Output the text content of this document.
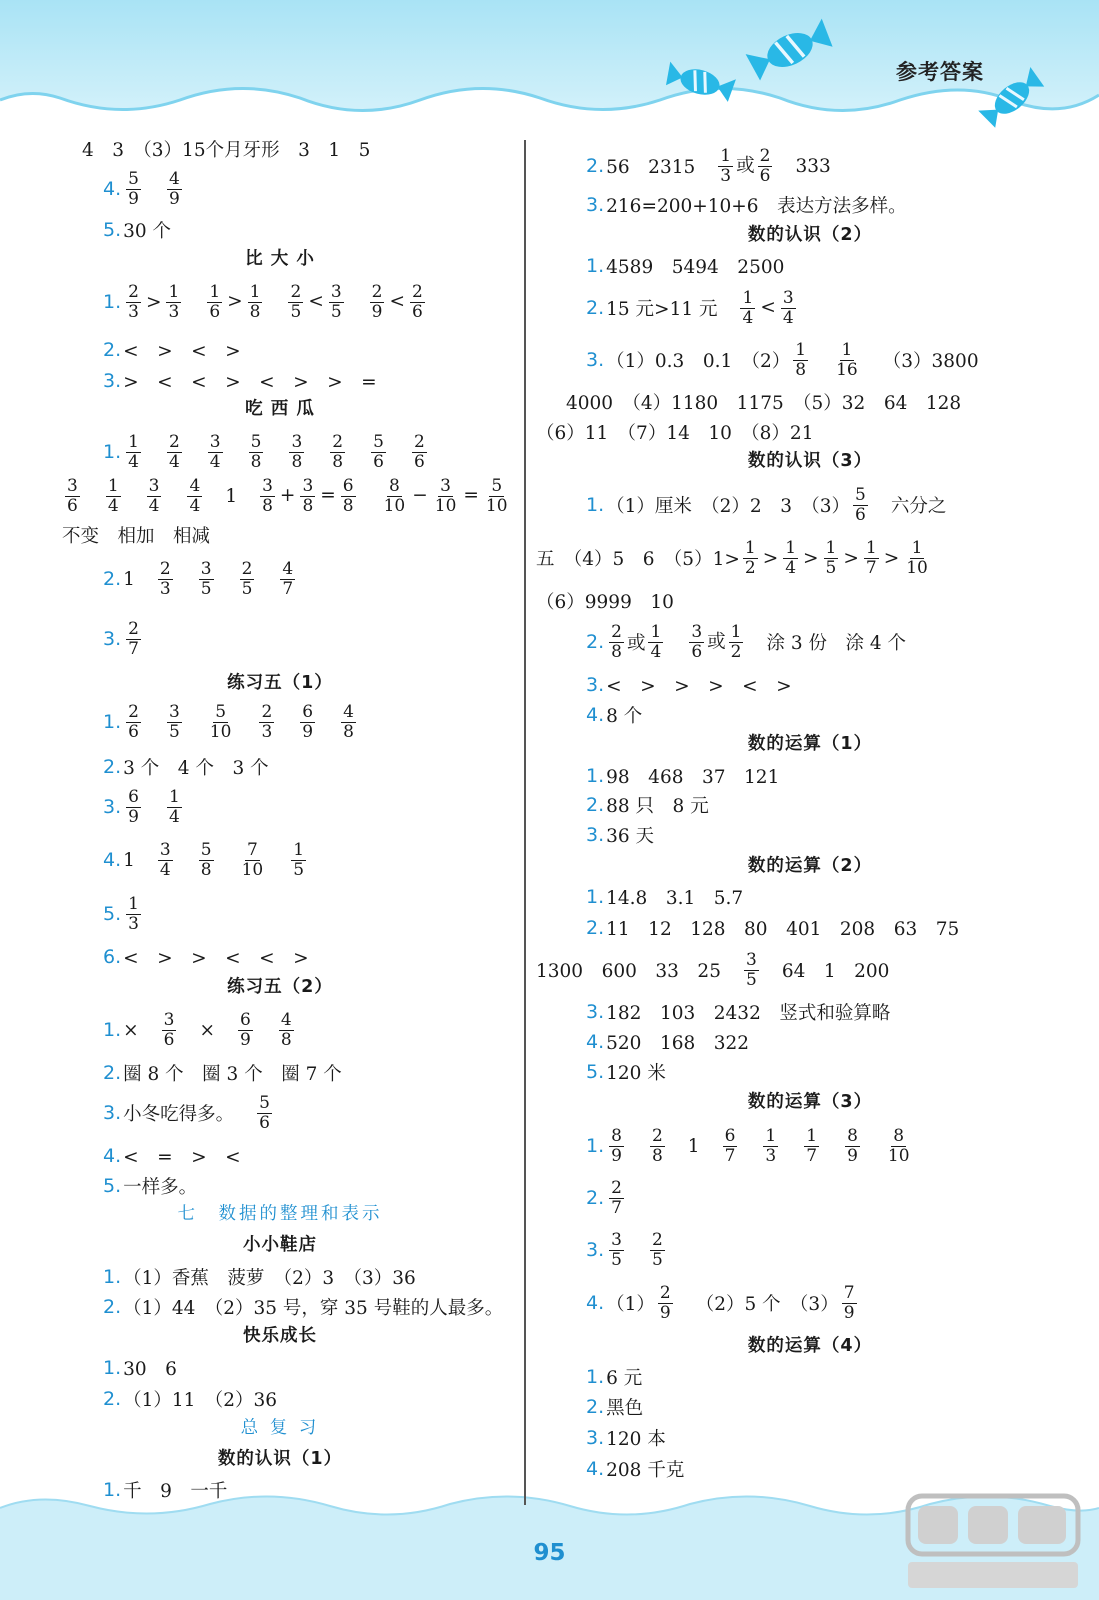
参考答案
95
4　3　（3）15个月牙形　3　1　5
4. 5
$9 \frac{4}{9}$
5. 30 个
比 大 小
1. 2
3 > 1
$3 \frac{1}{6} > \frac{1}{8} \frac{2}{5} < \frac{3}{5} \frac{2}{9} < \frac{2}{6}$
2. <　>　<　>
3. >　<　<　>　<　>　>　=
吃 西 瓜
1. 1
$4 \frac{2}{4} \frac{3}{4} \frac{5}{8} \frac{3}{8} \frac{2}{8} \frac{5}{6} \frac{2}{6}$
3
$6 \frac{1}{4} \frac{3}{4} \frac{4}{4} 1 \frac{3}{8} + \frac{3}{8} = \frac{6}{8} \frac{8}{10} - \frac{3}{10} = \frac{5}{10}$
不变　相加　相减
2. $1 \frac{2}{3} \frac{3}{5} \frac{2}{5} \frac{4}{7}$
3. 2
7
练习五（1）
1. 2
$6 \frac{3}{5} \frac{5}{10} \frac{2}{3} \frac{6}{9} \frac{4}{8}$
2. 3 个　4 个　3 个
3. 6
$9 \frac{1}{4}$
4. $1 \frac{3}{4} \frac{5}{8} \frac{7}{10} \frac{1}{5}$
5. 1
3
6. <　>　>　<　<　>
练习五（2）
1. × $\frac{3}{6} \times \frac{6}{9} \frac{4}{8}$
2. 圈 8 个　圈 3 个　圈 7 个
3. 小冬吃得多。 $\frac{5}{6}$
4. <　=　>　<
5. 一样多。
七　数据的整理和表示
小小鞋店
1. （1）香蕉　菠萝　（2）3　（3）36
2. （1）44　（2）35 号，穿 35 号鞋的人最多。
快乐成长
1. 30　6
2. （1）11　（2）36
总 复 习
数的认识（1）
1. 千　9　一千
2. 56　$2315 \frac{1}{3}$ 或 $\frac{2}{6} 333$
3. 216=200+10+6　表达方法多样。
数的认识（2）
1. 4589　5494　2500
2. 15 元>11 元 $\frac{1}{4} < \frac{3}{4}$
3. （1）0.3　0.1　（2）
1
$8 \frac{1}{16} (3)3800$
4000　（4）1180　1175　（5）32　64　128
（6）11　（7）14　10　（8）21
数的认识（3）
1. （1）厘米　（2）2　3　（3）
5
6 六分之
五　（4）5　6　（5）1>
1
2 > 1
4 > 1
5 > 1
7 > 1
10
（6）9999　10
2. 2
8 或
1
$4 \frac{3}{6}$ 或 $\frac{1}{2}$ 涂 3 份　涂 4 个
3. <　>　>　>　<　>
4. 8 个
数的运算（1）
1. 98　468　37　121
2. 88 只　8 元
3. 36 天
数的运算（2）
1. 14.8　3.1　5.7
2. 11　12　128　80　401　208　63　75
1300　600　33　$25 \frac{3}{5} 64$　1　200
3. 182　103　2432　竖式和验算略
4. 520　168　322
5. 120 米
数的运算（3）
1. 8
$9 \frac{2}{8} 1 \frac{6}{7} \frac{1}{3} \frac{1}{7} \frac{8}{9} \frac{8}{10}$
2. 2
7
3. 3
$5 \frac{2}{5}$
4. （1）
2
9 （2）5 个　（3）
7
9
数的运算（4）
1. 6 元
2. 黑色
3. 120 本
4. 208 千克
